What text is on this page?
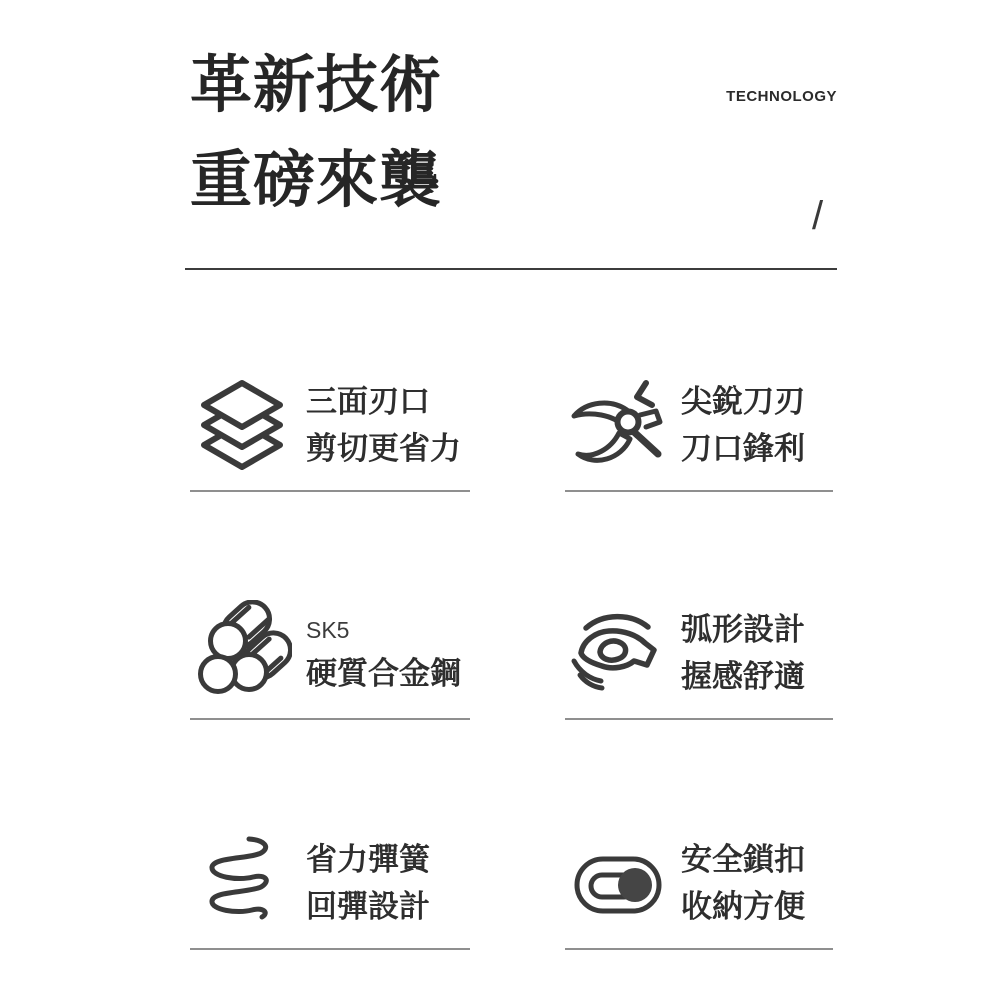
革新技術
重磅來襲
TECHNOLOGY
/
三面刃口
剪切更省力
尖銳刀刃
刀口鋒利
SK5
硬質合金鋼
弧形設計
握感舒適
省力彈簧
回彈設計
安全鎖扣
收納方便
